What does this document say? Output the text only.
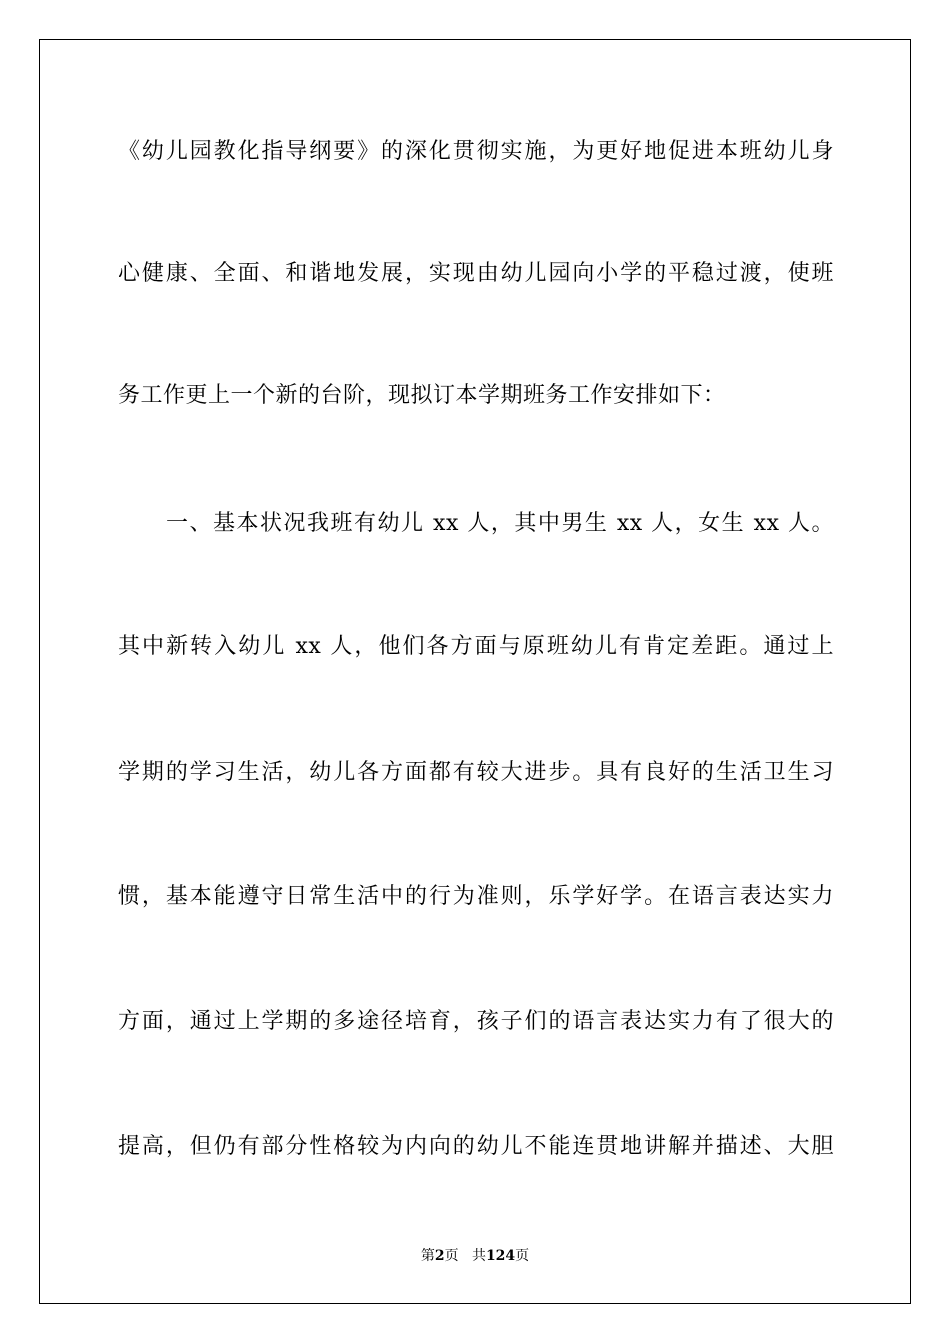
《幼儿园教化指导纲要》的深化贯彻实施，为更好地促进本班幼儿身
心健康、全面、和谐地发展，实现由幼儿园向小学的平稳过渡，使班
务工作更上一个新的台阶，现拟订本学期班务工作安排如下：
一、基本状况我班有幼儿 xx 人，其中男生 xx 人，女生 xx 人。
其中新转入幼儿 xx 人，他们各方面与原班幼儿有肯定差距。通过上
学期的学习生活，幼儿各方面都有较大进步。具有良好的生活卫生习
惯，基本能遵守日常生活中的行为准则，乐学好学。在语言表达实力
方面，通过上学期的多途径培育，孩子们的语言表达实力有了很大的
提高，但仍有部分性格较为内向的幼儿不能连贯地讲解并描述、大胆
第2页 共124页
